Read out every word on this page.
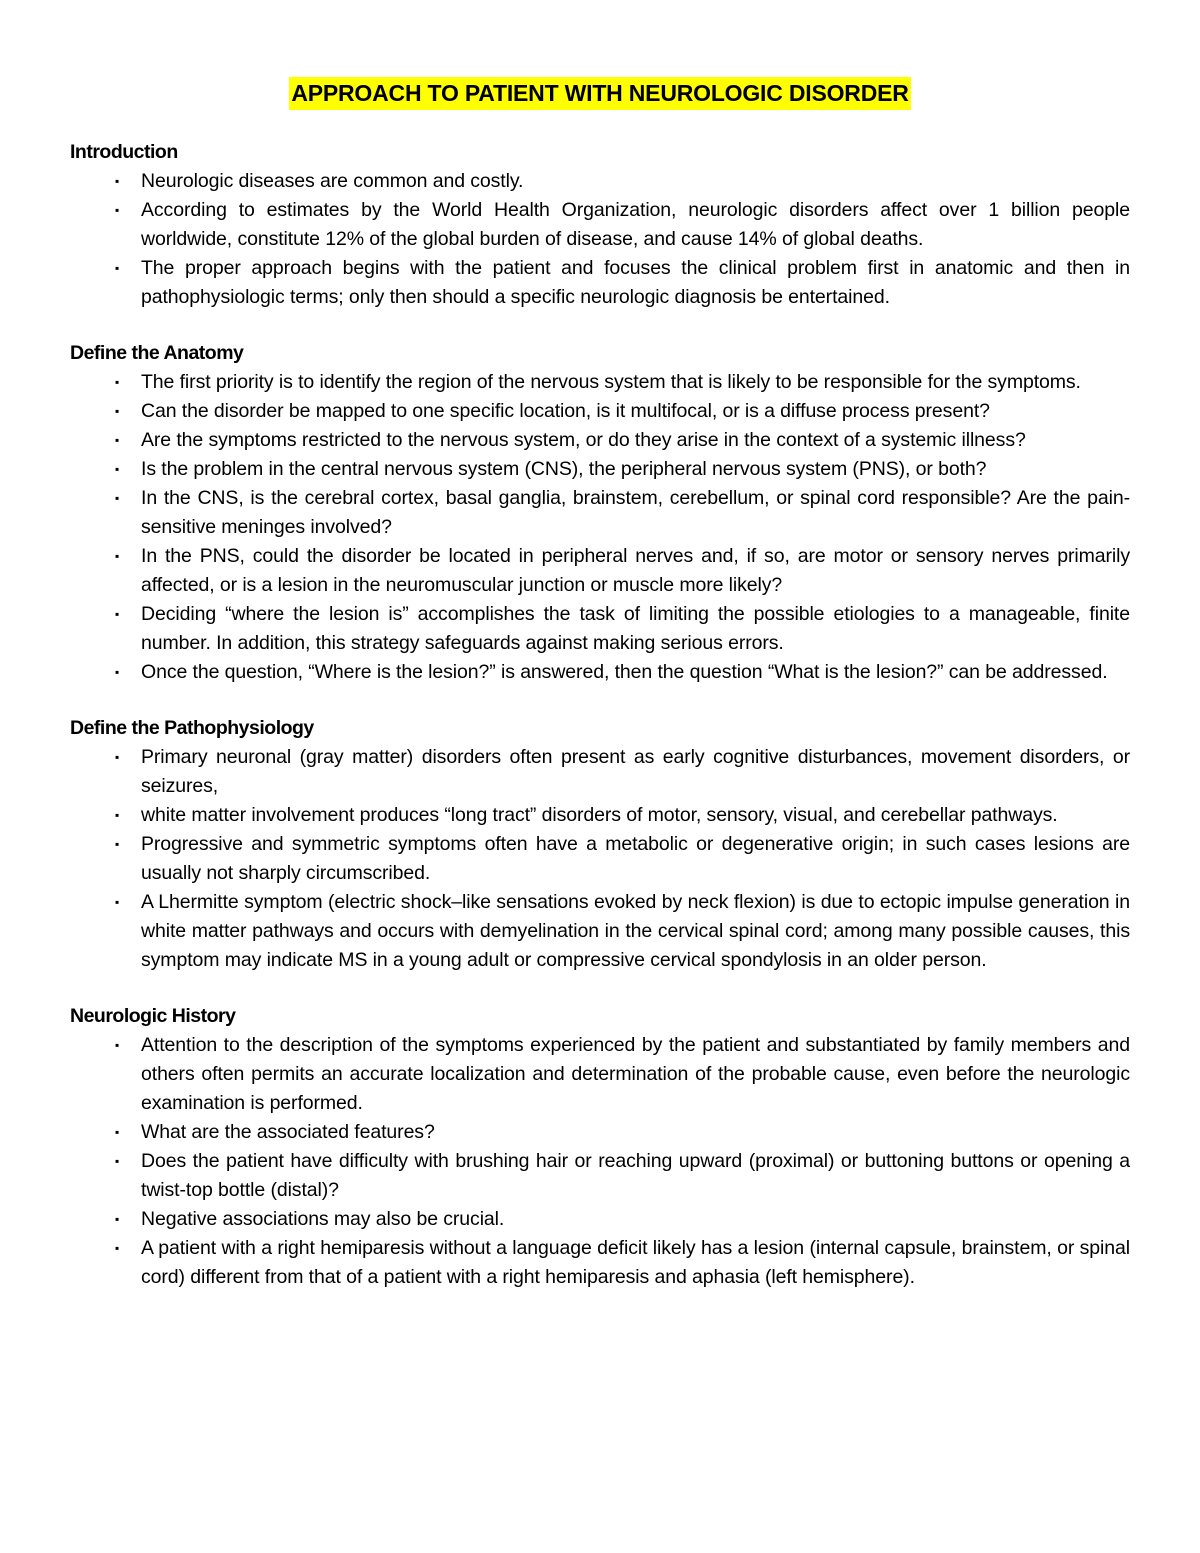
APPROACH TO PATIENT WITH NEUROLOGIC DISORDER

Introduction

▪ Neurologic diseases are common and costly.
▪ According to estimates by the World Health Organization, neurologic disorders affect over 1 billion people worldwide, constitute 12% of the global burden of disease, and cause 14% of global deaths.
▪ The proper approach begins with the patient and focuses the clinical problem first in anatomic and then in pathophysiologic terms; only then should a specific neurologic diagnosis be entertained.

Define the Anatomy

▪ The first priority is to identify the region of the nervous system that is likely to be responsible for the symptoms.
▪ Can the disorder be mapped to one specific location, is it multifocal, or is a diffuse process present?
▪ Are the symptoms restricted to the nervous system, or do they arise in the context of a systemic illness?
▪ Is the problem in the central nervous system (CNS), the peripheral nervous system (PNS), or both?
▪ In the CNS, is the cerebral cortex, basal ganglia, brainstem, cerebellum, or spinal cord responsible? Are the pain-sensitive meninges involved?
▪ In the PNS, could the disorder be located in peripheral nerves and, if so, are motor or sensory nerves primarily affected, or is a lesion in the neuromuscular junction or muscle more likely?
▪ Deciding “where the lesion is” accomplishes the task of limiting the possible etiologies to a manageable, finite number. In addition, this strategy safeguards against making serious errors.
▪ Once the question, “Where is the lesion?” is answered, then the question “What is the lesion?” can be addressed.

Define the Pathophysiology

▪ Primary neuronal (gray matter) disorders often present as early cognitive disturbances, movement disorders, or seizures,
▪ white matter involvement produces “long tract” disorders of motor, sensory, visual, and cerebellar pathways.
▪ Progressive and symmetric symptoms often have a metabolic or degenerative origin; in such cases lesions are usually not sharply circumscribed.
▪ A Lhermitte symptom (electric shock–like sensations evoked by neck flexion) is due to ectopic impulse generation in white matter pathways and occurs with demyelination in the cervical spinal cord; among many possible causes, this symptom may indicate MS in a young adult or compressive cervical spondylosis in an older person.

Neurologic History

▪ Attention to the description of the symptoms experienced by the patient and substantiated by family members and others often permits an accurate localization and determination of the probable cause, even before the neurologic examination is performed.
▪ What are the associated features?
▪ Does the patient have difficulty with brushing hair or reaching upward (proximal) or buttoning buttons or opening a twist-top bottle (distal)?
▪ Negative associations may also be crucial.
▪ A patient with a right hemiparesis without a language deficit likely has a lesion (internal capsule, brainstem, or spinal cord) different from that of a patient with a right hemiparesis and aphasia (left hemisphere).
